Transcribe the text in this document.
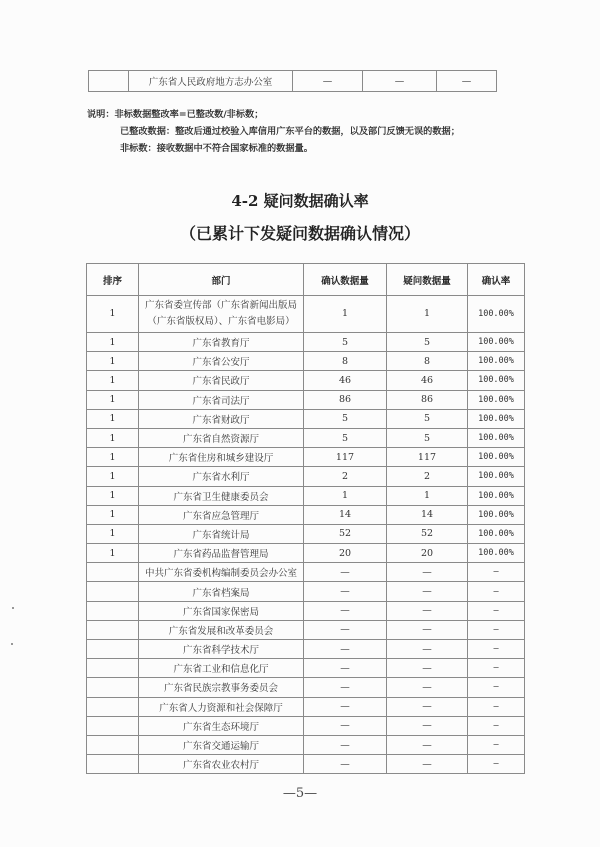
	广东省人民政府地方志办公室	—	—	—
说明：非标数据整改率=已整改数/非标数；
已整改数据：整改后通过校验入库信用广东平台的数据，以及部门反馈无误的数据；
非标数：接收数据中不符合国家标准的数据量。
4-2 疑问数据确认率
（已累计下发疑问数据确认情况）
排序	部门	确认数据量	疑问数据量	确认率
1	广东省委宣传部（广东省新闻出版局
（广东省版权局）、广东省电影局）	1	1	100.00%
1	广东省教育厅	5	5	100.00%
1	广东省公安厅	8	8	100.00%
1	广东省民政厅	46	46	100.00%
1	广东省司法厅	86	86	100.00%
1	广东省财政厅	5	5	100.00%
1	广东省自然资源厅	5	5	100.00%
1	广东省住房和城乡建设厅	117	117	100.00%
1	广东省水利厅	2	2	100.00%
1	广东省卫生健康委员会	1	1	100.00%
1	广东省应急管理厅	14	14	100.00%
1	广东省统计局	52	52	100.00%
1	广东省药品监督管理局	20	20	100.00%
	中共广东省委机构编制委员会办公室	—	—	—
	广东省档案局	—	—	—
	广东省国家保密局	—	—	—
	广东省发展和改革委员会	—	—	—
	广东省科学技术厅	—	—	—
	广东省工业和信息化厅	—	—	—
	广东省民族宗教事务委员会	—	—	—
	广东省人力资源和社会保障厅	—	—	—
	广东省生态环境厅	—	—	—
	广东省交通运输厅	—	—	—
	广东省农业农村厅	—	—	—
—5—
